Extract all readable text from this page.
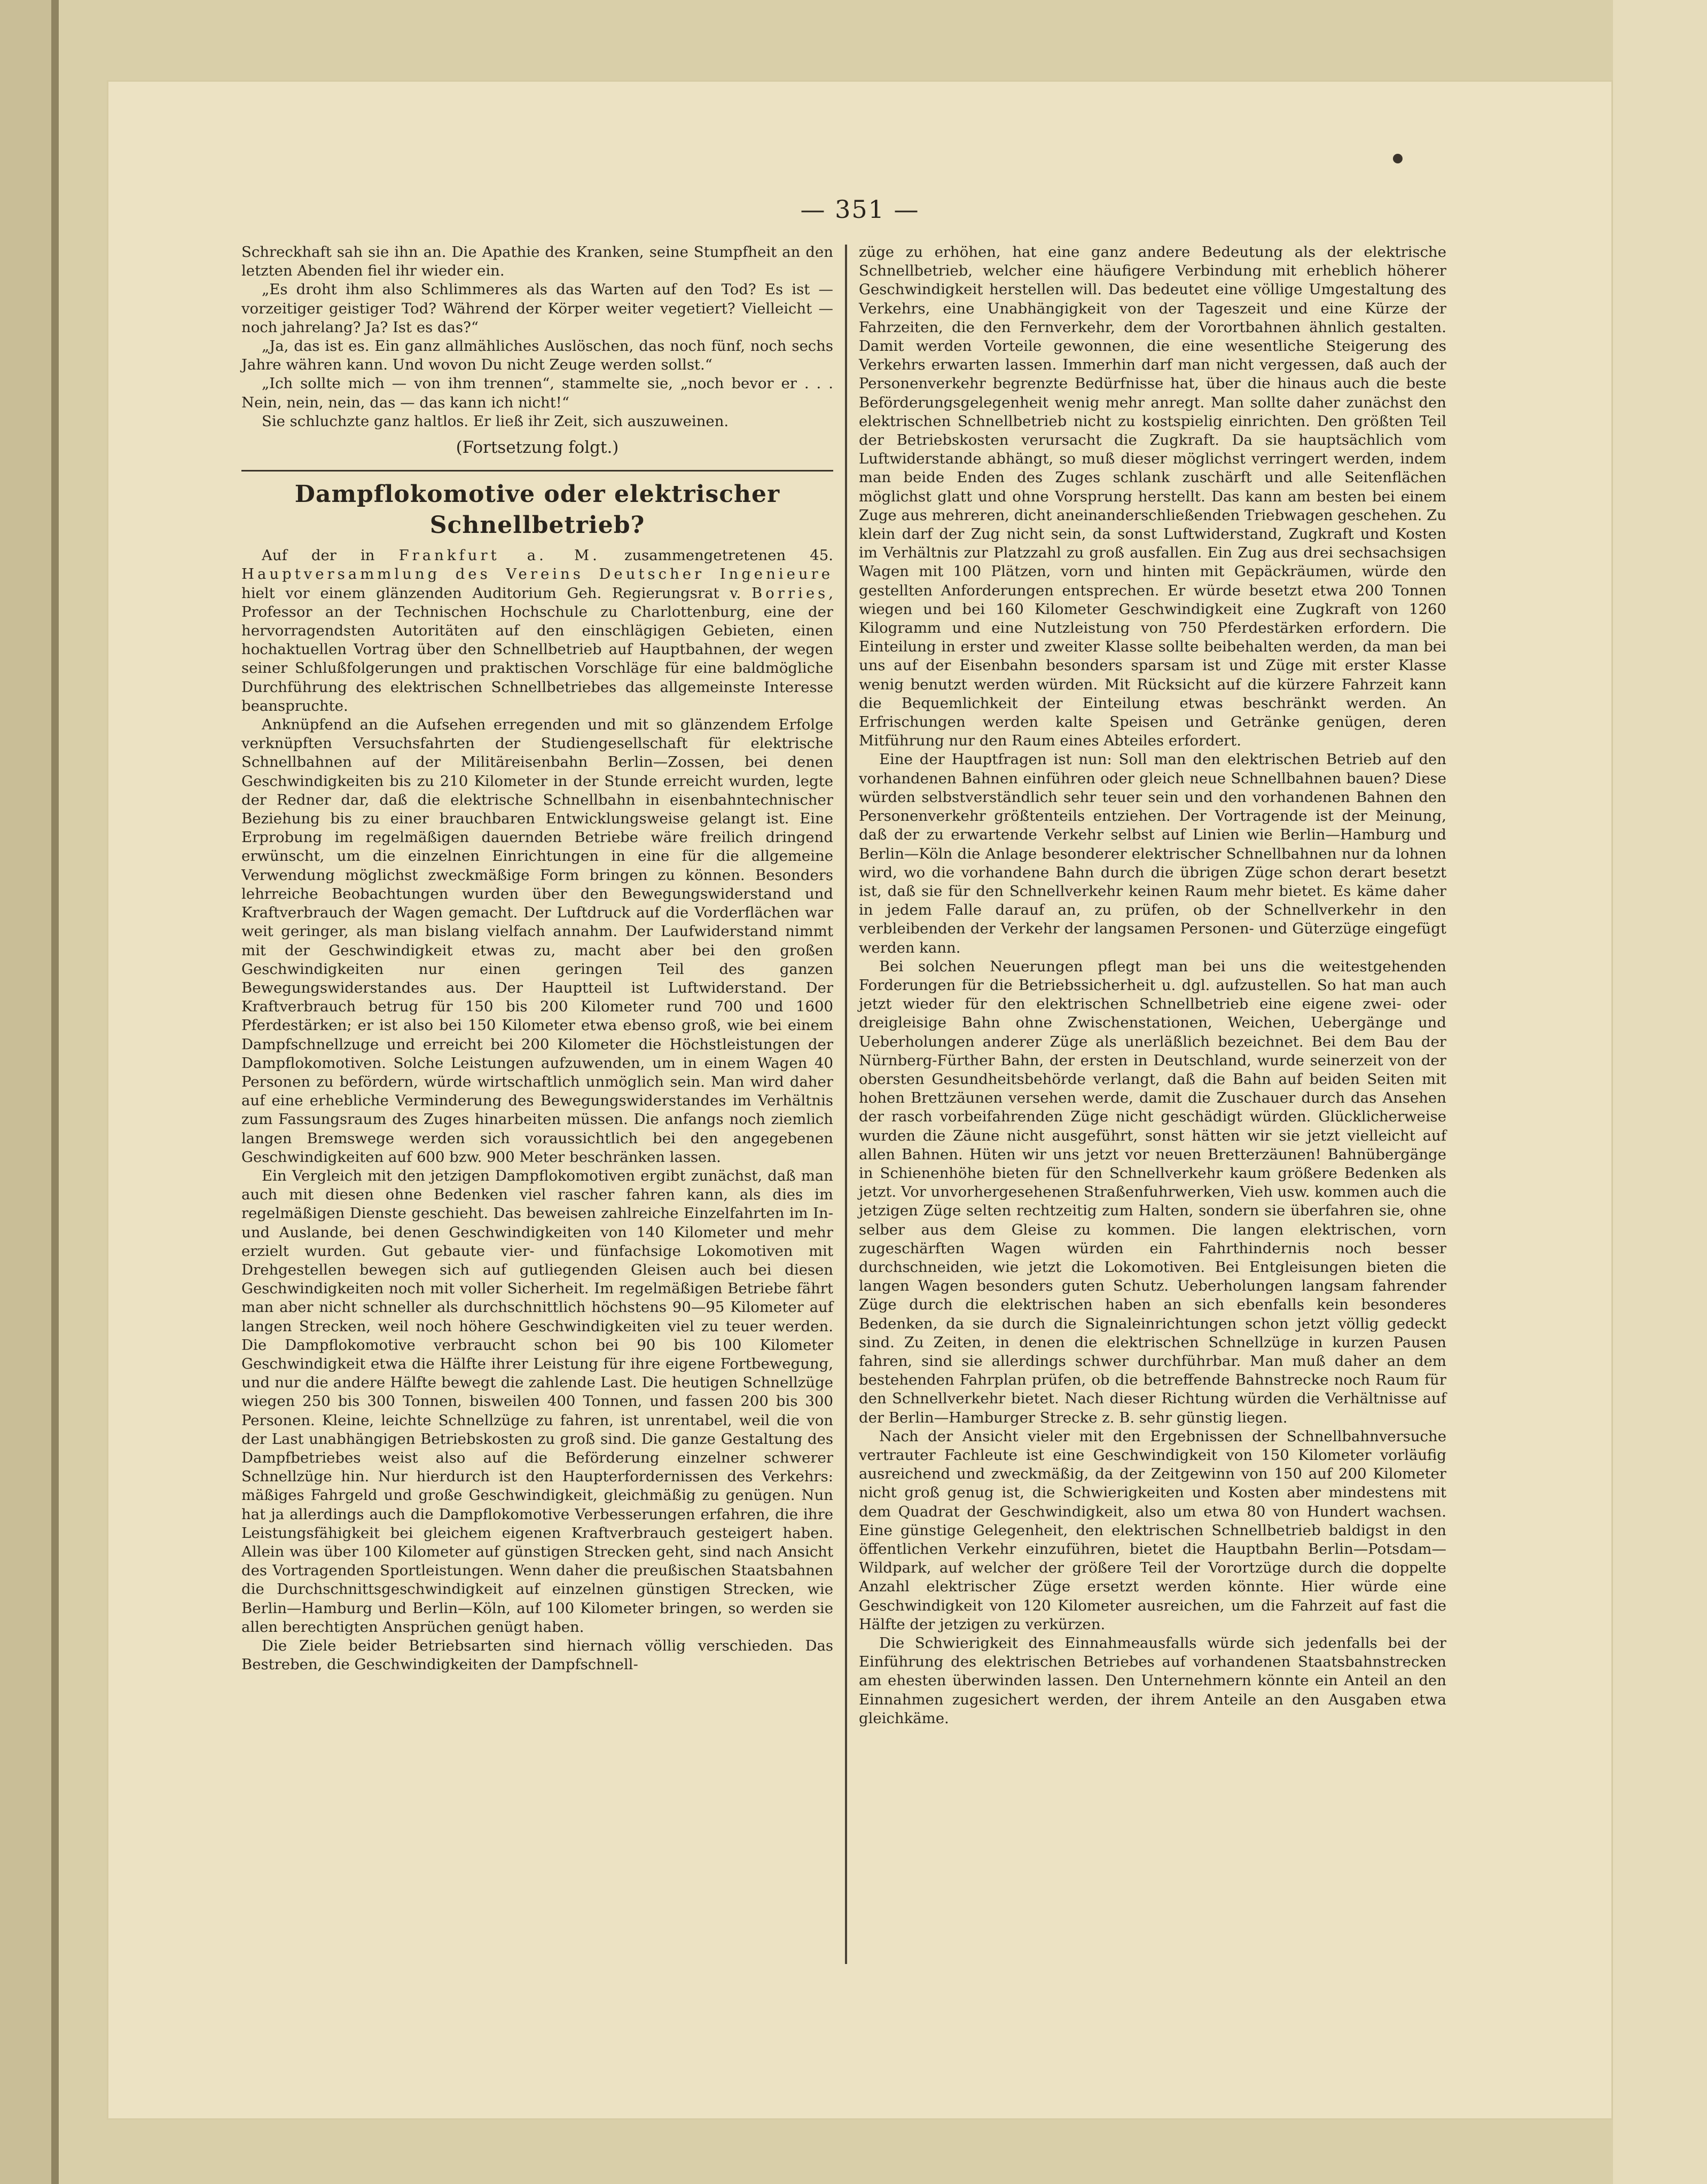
— 351 —

Schreckhaft sah sie ihn an. Die Apathie des Kranken, seine Stumpfheit an den letzten Abenden fiel ihr wieder ein.

„Es droht ihm also Schlimmeres als das Warten auf den Tod? Es ist — vorzeitiger geistiger Tod? Während der Körper weiter vegetiert? Vielleicht — noch jahrelang? Ja? Ist es das?“

„Ja, das ist es. Ein ganz allmähliches Auslöschen, das noch fünf, noch sechs Jahre währen kann. Und wovon Du nicht Zeuge werden sollst.“

„Ich sollte mich — von ihm trennen“, stammelte sie, „noch bevor er . . . Nein, nein, nein, das — das kann ich nicht!“

Sie schluchzte ganz haltlos. Er ließ ihr Zeit, sich auszuweinen.

(Fortsetzung folgt.)
Dampflokomotive oder elektrischer Schnellbetrieb?

Auf der in Frankfurt a. M. zusammengetretenen 45. Hauptversammlung des Vereins Deutscher Ingenieure hielt vor einem glänzenden Auditorium Geh. Regierungsrat v. Borries, Professor an der Technischen Hochschule zu Charlottenburg, eine der hervorragendsten Autoritäten auf den einschlägigen Gebieten, einen hochaktuellen Vortrag über den Schnellbetrieb auf Hauptbahnen, der wegen seiner Schlußfolgerungen und praktischen Vorschläge für eine baldmögliche Durchführung des elektrischen Schnellbetriebes das allgemeinste Interesse beanspruchte.

Anknüpfend an die Aufsehen erregenden und mit so glänzendem Erfolge verknüpften Versuchsfahrten der Studiengesellschaft für elektrische Schnellbahnen auf der Militäreisenbahn Berlin—Zossen, bei denen Geschwindigkeiten bis zu 210 Kilometer in der Stunde erreicht wurden, legte der Redner dar, daß die elektrische Schnellbahn in eisenbahntechnischer Beziehung bis zu einer brauchbaren Entwicklungsweise gelangt ist. Eine Erprobung im regelmäßigen dauernden Betriebe wäre freilich dringend erwünscht, um die einzelnen Einrichtungen in eine für die allgemeine Verwendung möglichst zweckmäßige Form bringen zu können. Besonders lehrreiche Beobachtungen wurden über den Bewegungswiderstand und Kraftverbrauch der Wagen gemacht. Der Luftdruck auf die Vorderflächen war weit geringer, als man bislang vielfach annahm. Der Laufwiderstand nimmt mit der Geschwindigkeit etwas zu, macht aber bei den großen Geschwindigkeiten nur einen geringen Teil des ganzen Bewegungswiderstandes aus. Der Hauptteil ist Luftwiderstand. Der Kraftverbrauch betrug für 150 bis 200 Kilometer rund 700 und 1600 Pferdestärken; er ist also bei 150 Kilometer etwa ebenso groß, wie bei einem Dampfschnellzuge und erreicht bei 200 Kilometer die Höchstleistungen der Dampflokomotiven. Solche Leistungen aufzuwenden, um in einem Wagen 40 Personen zu befördern, würde wirtschaftlich unmöglich sein. Man wird daher auf eine erhebliche Verminderung des Bewegungswiderstandes im Verhältnis zum Fassungsraum des Zuges hinarbeiten müssen. Die anfangs noch ziemlich langen Bremswege werden sich voraussichtlich bei den angegebenen Geschwindigkeiten auf 600 bzw. 900 Meter beschränken lassen.

Ein Vergleich mit den jetzigen Dampflokomotiven ergibt zunächst, daß man auch mit diesen ohne Bedenken viel rascher fahren kann, als dies im regelmäßigen Dienste geschieht. Das beweisen zahlreiche Einzelfahrten im In- und Auslande, bei denen Geschwindigkeiten von 140 Kilometer und mehr erzielt wurden. Gut gebaute vier- und fünfachsige Lokomotiven mit Drehgestellen bewegen sich auf gutliegenden Gleisen auch bei diesen Geschwindigkeiten noch mit voller Sicherheit. Im regelmäßigen Betriebe fährt man aber nicht schneller als durchschnittlich höchstens 90—95 Kilometer auf langen Strecken, weil noch höhere Geschwindigkeiten viel zu teuer werden. Die Dampflokomotive verbraucht schon bei 90 bis 100 Kilometer Geschwindigkeit etwa die Hälfte ihrer Leistung für ihre eigene Fortbewegung, und nur die andere Hälfte bewegt die zahlende Last. Die heutigen Schnellzüge wiegen 250 bis 300 Tonnen, bisweilen 400 Tonnen, und fassen 200 bis 300 Personen. Kleine, leichte Schnellzüge zu fahren, ist unrentabel, weil die von der Last unabhängigen Betriebskosten zu groß sind. Die ganze Gestaltung des Dampfbetriebes weist also auf die Beförderung einzelner schwerer Schnellzüge hin. Nur hierdurch ist den Haupterfordernissen des Verkehrs: mäßiges Fahrgeld und große Geschwindigkeit, gleichmäßig zu genügen. Nun hat ja allerdings auch die Dampflokomotive Verbesserungen erfahren, die ihre Leistungsfähigkeit bei gleichem eigenen Kraftverbrauch gesteigert haben. Allein was über 100 Kilometer auf günstigen Strecken geht, sind nach Ansicht des Vortragenden Sportleistungen. Wenn daher die preußischen Staatsbahnen die Durchschnittsgeschwindigkeit auf einzelnen günstigen Strecken, wie Berlin—Hamburg und Berlin—Köln, auf 100 Kilometer bringen, so werden sie allen berechtigten Ansprüchen genügt haben.

Die Ziele beider Betriebsarten sind hiernach völlig verschieden. Das Bestreben, die Geschwindigkeiten der Dampfschnell-

züge zu erhöhen, hat eine ganz andere Bedeutung als der elektrische Schnellbetrieb, welcher eine häufigere Verbindung mit erheblich höherer Geschwindigkeit herstellen will. Das bedeutet eine völlige Umgestaltung des Verkehrs, eine Unabhängigkeit von der Tageszeit und eine Kürze der Fahrzeiten, die den Fernverkehr, dem der Vorortbahnen ähnlich gestalten. Damit werden Vorteile gewonnen, die eine wesentliche Steigerung des Verkehrs erwarten lassen. Immerhin darf man nicht vergessen, daß auch der Personenverkehr begrenzte Bedürfnisse hat, über die hinaus auch die beste Beförderungsgelegenheit wenig mehr anregt. Man sollte daher zunächst den elektrischen Schnellbetrieb nicht zu kostspielig einrichten. Den größten Teil der Betriebskosten verursacht die Zugkraft. Da sie hauptsächlich vom Luftwiderstande abhängt, so muß dieser möglichst verringert werden, indem man beide Enden des Zuges schlank zuschärft und alle Seitenflächen möglichst glatt und ohne Vorsprung herstellt. Das kann am besten bei einem Zuge aus mehreren, dicht aneinanderschließenden Triebwagen geschehen. Zu klein darf der Zug nicht sein, da sonst Luftwiderstand, Zugkraft und Kosten im Verhältnis zur Platzzahl zu groß ausfallen. Ein Zug aus drei sechsachsigen Wagen mit 100 Plätzen, vorn und hinten mit Gepäckräumen, würde den gestellten Anforderungen entsprechen. Er würde besetzt etwa 200 Tonnen wiegen und bei 160 Kilometer Geschwindigkeit eine Zugkraft von 1260 Kilogramm und eine Nutzleistung von 750 Pferdestärken erfordern. Die Einteilung in erster und zweiter Klasse sollte beibehalten werden, da man bei uns auf der Eisenbahn besonders sparsam ist und Züge mit erster Klasse wenig benutzt werden würden. Mit Rücksicht auf die kürzere Fahrzeit kann die Bequemlichkeit der Einteilung etwas beschränkt werden. An Erfrischungen werden kalte Speisen und Getränke genügen, deren Mitführung nur den Raum eines Abteiles erfordert.

Eine der Hauptfragen ist nun: Soll man den elektrischen Betrieb auf den vorhandenen Bahnen einführen oder gleich neue Schnellbahnen bauen? Diese würden selbstverständlich sehr teuer sein und den vorhandenen Bahnen den Personenverkehr größtenteils entziehen. Der Vortragende ist der Meinung, daß der zu erwartende Verkehr selbst auf Linien wie Berlin—Hamburg und Berlin—Köln die Anlage besonderer elektrischer Schnellbahnen nur da lohnen wird, wo die vorhandene Bahn durch die übrigen Züge schon derart besetzt ist, daß sie für den Schnellverkehr keinen Raum mehr bietet. Es käme daher in jedem Falle darauf an, zu prüfen, ob der Schnellverkehr in den verbleibenden der Verkehr der langsamen Personen- und Güterzüge eingefügt werden kann.

Bei solchen Neuerungen pflegt man bei uns die weitestgehenden Forderungen für die Betriebssicherheit u. dgl. aufzustellen. So hat man auch jetzt wieder für den elektrischen Schnellbetrieb eine eigene zwei- oder dreigleisige Bahn ohne Zwischenstationen, Weichen, Uebergänge und Ueberholungen anderer Züge als unerläßlich bezeichnet. Bei dem Bau der Nürnberg-Fürther Bahn, der ersten in Deutschland, wurde seinerzeit von der obersten Gesundheitsbehörde verlangt, daß die Bahn auf beiden Seiten mit hohen Brettzäunen versehen werde, damit die Zuschauer durch das Ansehen der rasch vorbeifahrenden Züge nicht geschädigt würden. Glücklicherweise wurden die Zäune nicht ausgeführt, sonst hätten wir sie jetzt vielleicht auf allen Bahnen. Hüten wir uns jetzt vor neuen Bretterzäunen! Bahnübergänge in Schienenhöhe bieten für den Schnellverkehr kaum größere Bedenken als jetzt. Vor unvorhergesehenen Straßenfuhrwerken, Vieh usw. kommen auch die jetzigen Züge selten rechtzeitig zum Halten, sondern sie überfahren sie, ohne selber aus dem Gleise zu kommen. Die langen elektrischen, vorn zugeschärften Wagen würden ein Fahrthindernis noch besser durchschneiden, wie jetzt die Lokomotiven. Bei Entgleisungen bieten die langen Wagen besonders guten Schutz. Ueberholungen langsam fahrender Züge durch die elektrischen haben an sich ebenfalls kein besonderes Bedenken, da sie durch die Signaleinrichtungen schon jetzt völlig gedeckt sind. Zu Zeiten, in denen die elektrischen Schnellzüge in kurzen Pausen fahren, sind sie allerdings schwer durchführbar. Man muß daher an dem bestehenden Fahrplan prüfen, ob die betreffende Bahnstrecke noch Raum für den Schnellverkehr bietet. Nach dieser Richtung würden die Verhältnisse auf der Berlin—Hamburger Strecke z. B. sehr günstig liegen.

Nach der Ansicht vieler mit den Ergebnissen der Schnellbahnversuche vertrauter Fachleute ist eine Geschwindigkeit von 150 Kilometer vorläufig ausreichend und zweckmäßig, da der Zeitgewinn von 150 auf 200 Kilometer nicht groß genug ist, die Schwierigkeiten und Kosten aber mindestens mit dem Quadrat der Geschwindigkeit, also um etwa 80 von Hundert wachsen. Eine günstige Gelegenheit, den elektrischen Schnellbetrieb baldigst in den öffentlichen Verkehr einzuführen, bietet die Hauptbahn Berlin—Potsdam—Wildpark, auf welcher der größere Teil der Vorortzüge durch die doppelte Anzahl elektrischer Züge ersetzt werden könnte. Hier würde eine Geschwindigkeit von 120 Kilometer ausreichen, um die Fahrzeit auf fast die Hälfte der jetzigen zu verkürzen.

Die Schwierigkeit des Einnahmeausfalls würde sich jedenfalls bei der Einführung des elektrischen Betriebes auf vorhandenen Staatsbahnstrecken am ehesten überwinden lassen. Den Unternehmern könnte ein Anteil an den Einnahmen zugesichert werden, der ihrem Anteile an den Ausgaben etwa gleichkäme.
